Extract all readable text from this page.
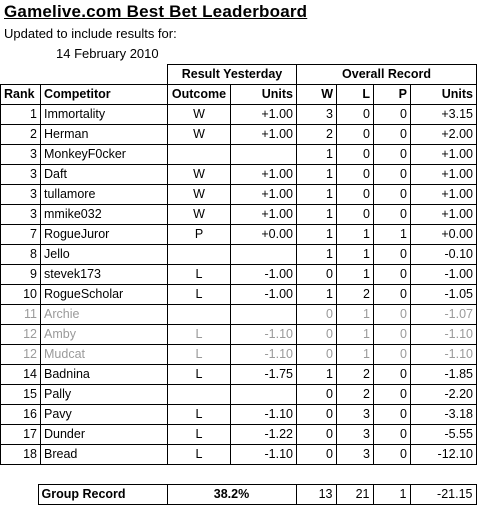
Gamelive.com Best Bet Leaderboard
Updated to include results for:
14 February 2010
		Result Yesterday		Overall Record			
Rank	Competitor	Outcome	Units	W	L	P	Units
1	Immortality	W	+1.00	3	0	0	+3.15
2	Herman	W	+1.00	2	0	0	+2.00
3	MonkeyF0cker			1	0	0	+1.00
3	Daft	W	+1.00	1	0	0	+1.00
3	tullamore	W	+1.00	1	0	0	+1.00
3	mmike032	W	+1.00	1	0	0	+1.00
7	RogueJuror	P	+0.00	1	1	1	+0.00
8	Jello			1	1	0	-0.10
9	stevek173	L	-1.00	0	1	0	-1.00
10	RogueScholar	L	-1.00	1	2	0	-1.05
11	Archie			0	1	0	-1.07
12	Amby	L	-1.10	0	1	0	-1.10
12	Mudcat	L	-1.10	0	1	0	-1.10
14	Badnina	L	-1.75	1	2	0	-1.85
15	Pally			0	2	0	-2.20
16	Pavy	L	-1.10	0	3	0	-3.18
17	Dunder	L	-1.22	0	3	0	-5.55
18	Bread	L	-1.10	0	3	0	-12.10
	Group Record	38.2%	13	21	1	-21.15
